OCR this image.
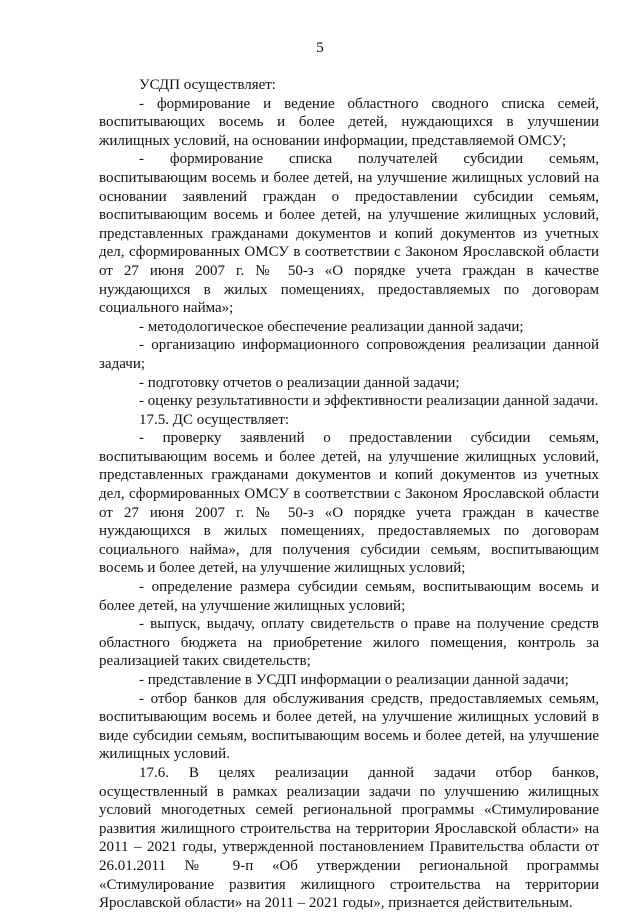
5

УСДП осуществляет:

- формирование и ведение областного сводного списка семей, воспитывающих восемь и более детей, нуждающихся в улучшении жилищных условий, на основании информации, представляемой ОМСУ;

- формирование списка получателей субсидии семьям, воспитывающим восемь и более детей, на улучшение жилищных условий на основании заявлений граждан о предоставлении субсидии семьям, воспитывающим восемь и более детей, на улучшение жилищных условий, представленных гражданами документов и копий документов из учетных дел, сформированных ОМСУ в соответствии с Законом Ярославской области от 27 июня 2007 г. № 50-з «О порядке учета граждан в качестве нуждающихся в жилых помещениях, предоставляемых по договорам социального найма»;

- методологическое обеспечение реализации данной задачи;

- организацию информационного сопровождения реализации данной задачи;

- подготовку отчетов о реализации данной задачи;

- оценку результативности и эффективности реализации данной задачи.

17.5. ДС осуществляет:

- проверку заявлений о предоставлении субсидии семьям, воспитывающим восемь и более детей, на улучшение жилищных условий, представленных гражданами документов и копий документов из учетных дел, сформированных ОМСУ в соответствии с Законом Ярославской области от 27 июня 2007 г. № 50-з «О порядке учета граждан в качестве нуждающихся в жилых помещениях, предоставляемых по договорам социального найма», для получения субсидии семьям, воспитывающим восемь и более детей, на улучшение жилищных условий;

- определение размера субсидии семьям, воспитывающим восемь и более детей, на улучшение жилищных условий;

- выпуск, выдачу, оплату свидетельств о праве на получение средств областного бюджета на приобретение жилого помещения, контроль за реализацией таких свидетельств;

- представление в УСДП информации о реализации данной задачи;

- отбор банков для обслуживания средств, предоставляемых семьям, воспитывающим восемь и более детей, на улучшение жилищных условий в виде субсидии семьям, воспитывающим восемь и более детей, на улучшение жилищных условий.

17.6. В целях реализации данной задачи отбор банков, осуществленный в рамках реализации задачи по улучшению жилищных условий многодетных семей региональной программы «Стимулирование развития жилищного строительства на территории Ярославской области» на 2011 – 2021 годы, утвержденной постановлением Правительства области от 26.01.2011 № 9-п «Об утверждении региональной программы «Стимулирование развития жилищного строительства на территории Ярославской области» на 2011 – 2021 годы», признается действительным.
